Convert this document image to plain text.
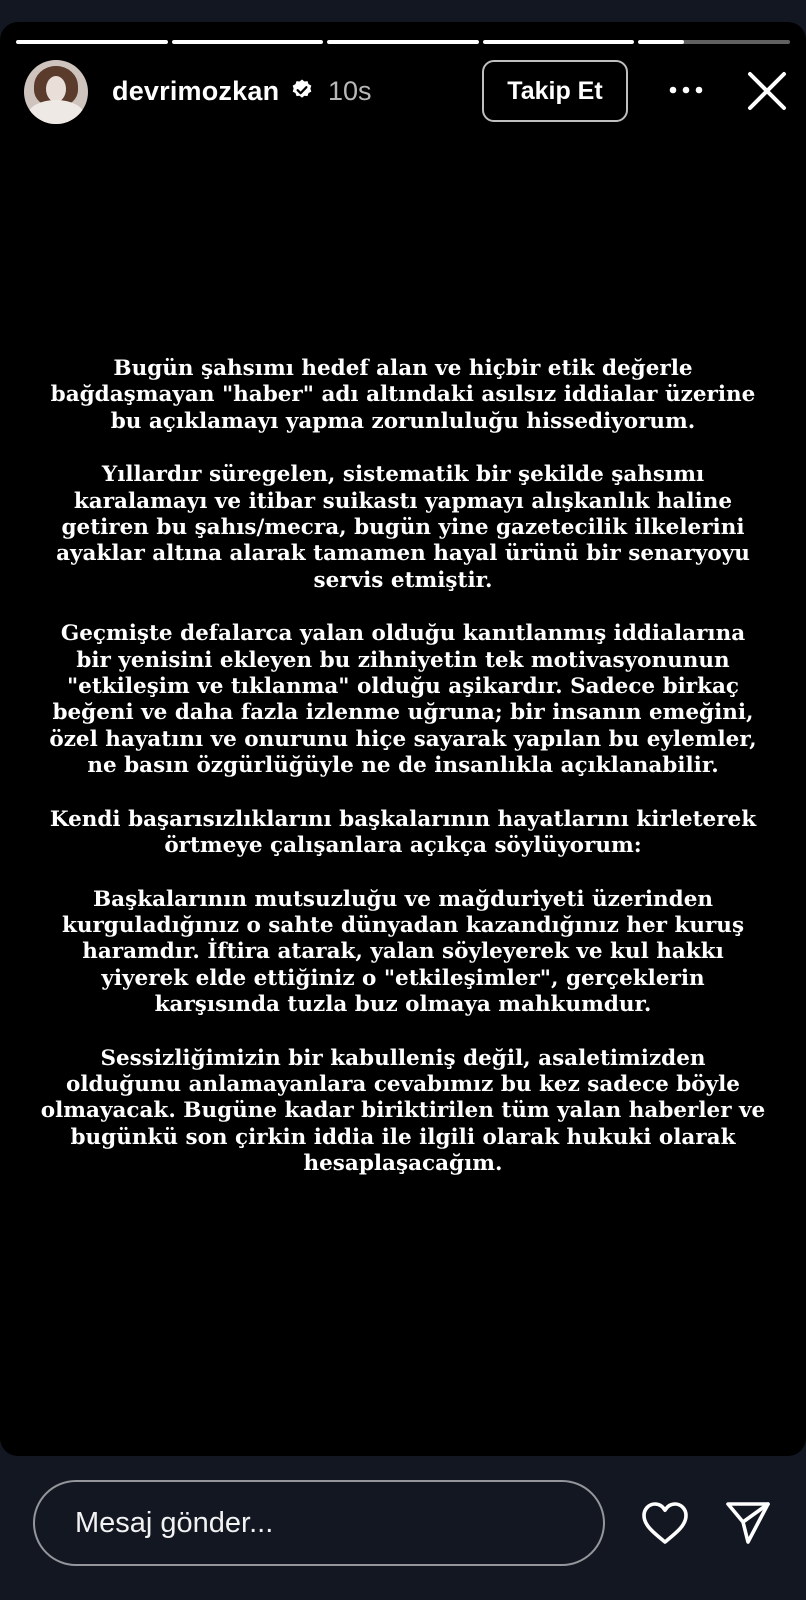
devrimozkan 10s	Takip Et

Bugün şahsımı hedef alan ve hiçbir etik değerle bağdaşmayan "haber" adı altındaki asılsız iddialar üzerine bu açıklamayı yapma zorunluluğu hissediyorum.

Yıllardır süregelen, sistematik bir şekilde şahsımı karalamayı ve itibar suikastı yapmayı alışkanlık haline getiren bu şahıs/mecra, bugün yine gazetecilik ilkelerini ayaklar altına alarak tamamen hayal ürünü bir senaryoyu servis etmiştir.

Geçmişte defalarca yalan olduğu kanıtlanmış iddialarına bir yenisini ekleyen bu zihniyetin tek motivasyonunun "etkileşim ve tıklanma" olduğu aşikardır. Sadece birkaç beğeni ve daha fazla izlenme uğruna; bir insanın emeğini, özel hayatını ve onurunu hiçe sayarak yapılan bu eylemler, ne basın özgürlüğüyle ne de insanlıkla açıklanabilir.

Kendi başarısızlıklarını başkalarının hayatlarını kirleterek örtmeye çalışanlara açıkça söylüyorum:

Başkalarının mutsuzluğu ve mağduriyeti üzerinden kurguladığınız o sahte dünyadan kazandığınız her kuruş haramdır. İftira atarak, yalan söyleyerek ve kul hakkı yiyerek elde ettiğiniz o "etkileşimler", gerçeklerin karşısında tuzla buz olmaya mahkumdur.

Sessizliğimizin bir kabulleniş değil, asaletimizden olduğunu anlamayanlara cevabımız bu kez sadece böyle olmayacak. Bugüne kadar biriktirilen tüm yalan haberler ve bugünkü son çirkin iddia ile ilgili olarak hukuki olarak hesaplaşacağım.

Mesaj gönder...
